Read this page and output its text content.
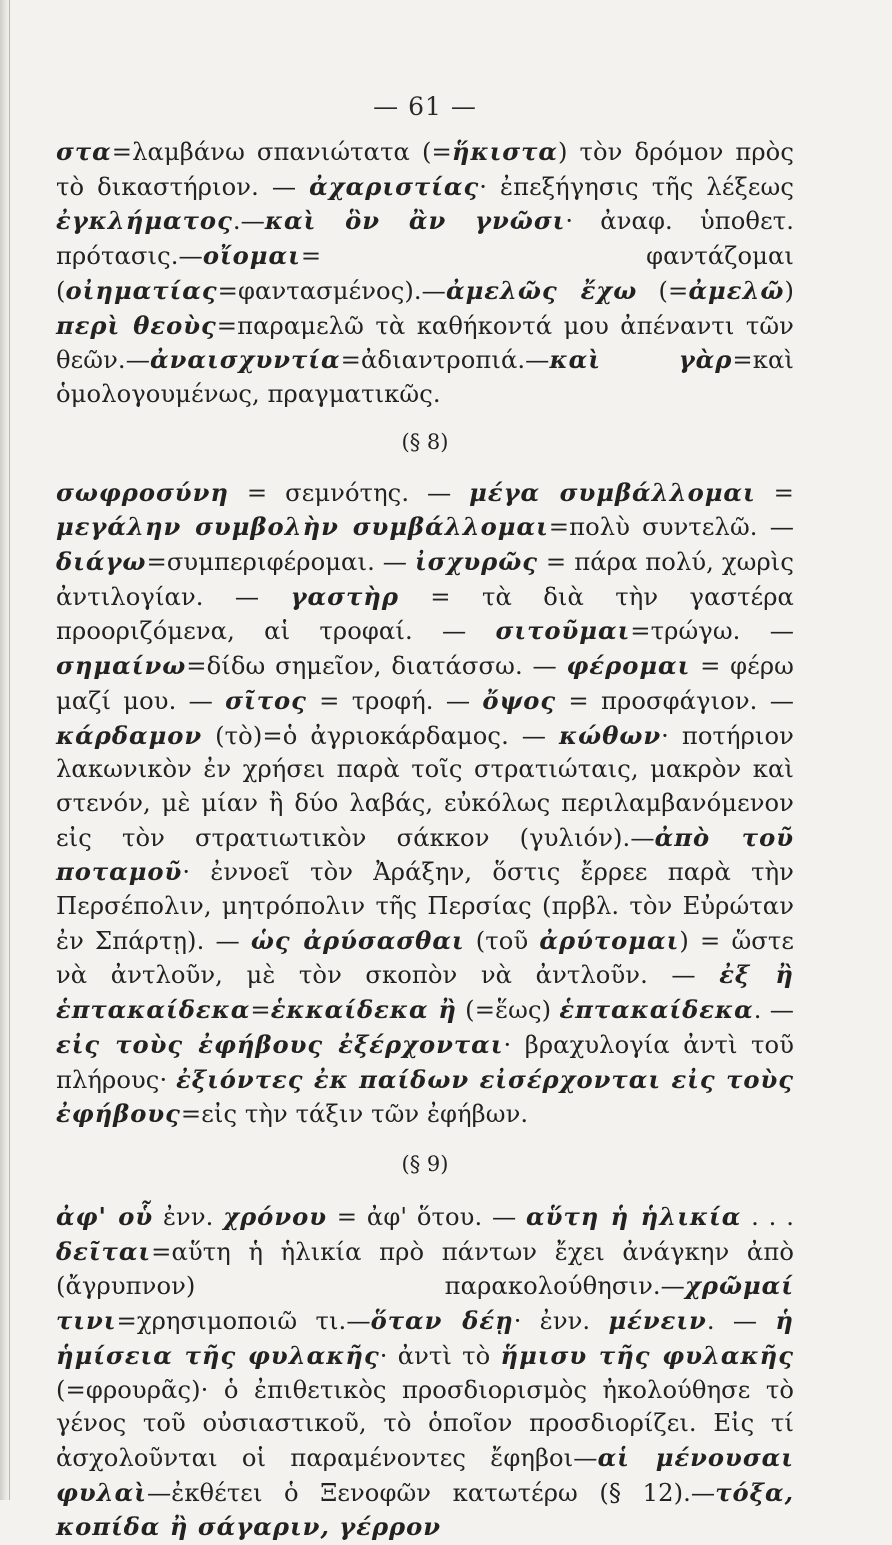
— 61 —

στα=λαμβάνω σπανιώτατα (=ἥκιστα) τὸν δρόμον πρὸς τὸ δικαστήριον. — ἀχαριστίας· ἐπεξήγησις τῆς λέξεως ἐγκλήματος.—καὶ ὃν ἂν γνῶσι· ἀναφ. ὑποθετ. πρότασις.—οἴομαι= φαντάζομαι (οἰηματίας=φαντασμένος).—ἀμελῶς ἔχω (=ἀμελῶ) περὶ θεοὺς=παραμελῶ τὰ καθήκοντά μου ἀπέναντι τῶν θεῶν.—ἀναισχυντία=ἀδιαντροπιά.—καὶ γὰρ=καὶ ὁμολογουμένως, πραγματικῶς.

(§ 8)

σωφροσύνη = σεμνότης. — μέγα συμβάλλομαι = μεγάλην συμβολὴν συμβάλλομαι=πολὺ συντελῶ. — διάγω=συμπεριφέρομαι. — ἰσχυρῶς = πάρα πολύ, χωρὶς ἀντιλογίαν. — γαστὴρ = τὰ διὰ τὴν γαστέρα προοριζόμενα, αἱ τροφαί. — σιτοῦμαι=τρώγω. — σημαίνω=δίδω σημεῖον, διατάσσω. — φέρομαι = φέρω μαζί μου. — σῖτος = τροφή. — ὄψος = προσφάγιον. — κάρδαμον (τὸ)=ὁ ἀγριοκάρδαμος. — κώθων· ποτήριον λακωνικὸν ἐν χρήσει παρὰ τοῖς στρατιώταις, μακρὸν καὶ στενόν, μὲ μίαν ἢ δύο λαβάς, εὐκόλως περιλαμβανόμενον εἰς τὸν στρατιωτικὸν σάκκον (γυλιόν).—ἀπὸ τοῦ ποταμοῦ· ἐννοεῖ τὸν Ἀράξην, ὅστις ἔρρεε παρὰ τὴν Περσέπολιν, μητρόπολιν τῆς Περσίας (πρβλ. τὸν Εὐρώταν ἐν Σπάρτῃ). — ὡς ἀρύσασθαι (τοῦ ἀρύτομαι) = ὥστε νὰ ἀντλοῦν, μὲ τὸν σκοπὸν νὰ ἀντλοῦν. — ἐξ ἢ ἑπτακαίδεκα=ἑκκαίδεκα ἢ (=ἕως) ἑπτακαίδεκα. — εἰς τοὺς ἐφήβους ἐξέρχονται· βραχυλογία ἀντὶ τοῦ πλήρους· ἐξιόντες ἐκ παίδων εἰσέρχονται εἰς τοὺς ἐφήβους=εἰς τὴν τάξιν τῶν ἐφήβων.

(§ 9)

ἀφ' οὗ ἐνν. χρόνου = ἀφ' ὅτου. — αὕτη ἡ ἡλικία . . . δεῖται=αὕτη ἡ ἡλικία πρὸ πάντων ἔχει ἀνάγκην ἀπὸ (ἄγρυπνον) παρακολούθησιν.—χρῶμαί τινι=χρησιμοποιῶ τι.—ὅταν δέῃ· ἐνν. μένειν. — ἡ ἡμίσεια τῆς φυλακῆς· ἀντὶ τὸ ἥμισυ τῆς φυλακῆς (=φρουρᾶς)· ὁ ἐπιθετικὸς προσδιορισμὸς ἠκολούθησε τὸ γένος τοῦ οὐσιαστικοῦ, τὸ ὁποῖον προσδιορίζει. Εἰς τί ἀσχολοῦνται οἱ παραμένοντες ἔφηβοι—αἱ μένουσαι φυλαὶ—ἐκθέτει ὁ Ξενοφῶν κατωτέρω (§ 12).—τόξα, κοπίδα ἢ σάγαριν, γέρρον
